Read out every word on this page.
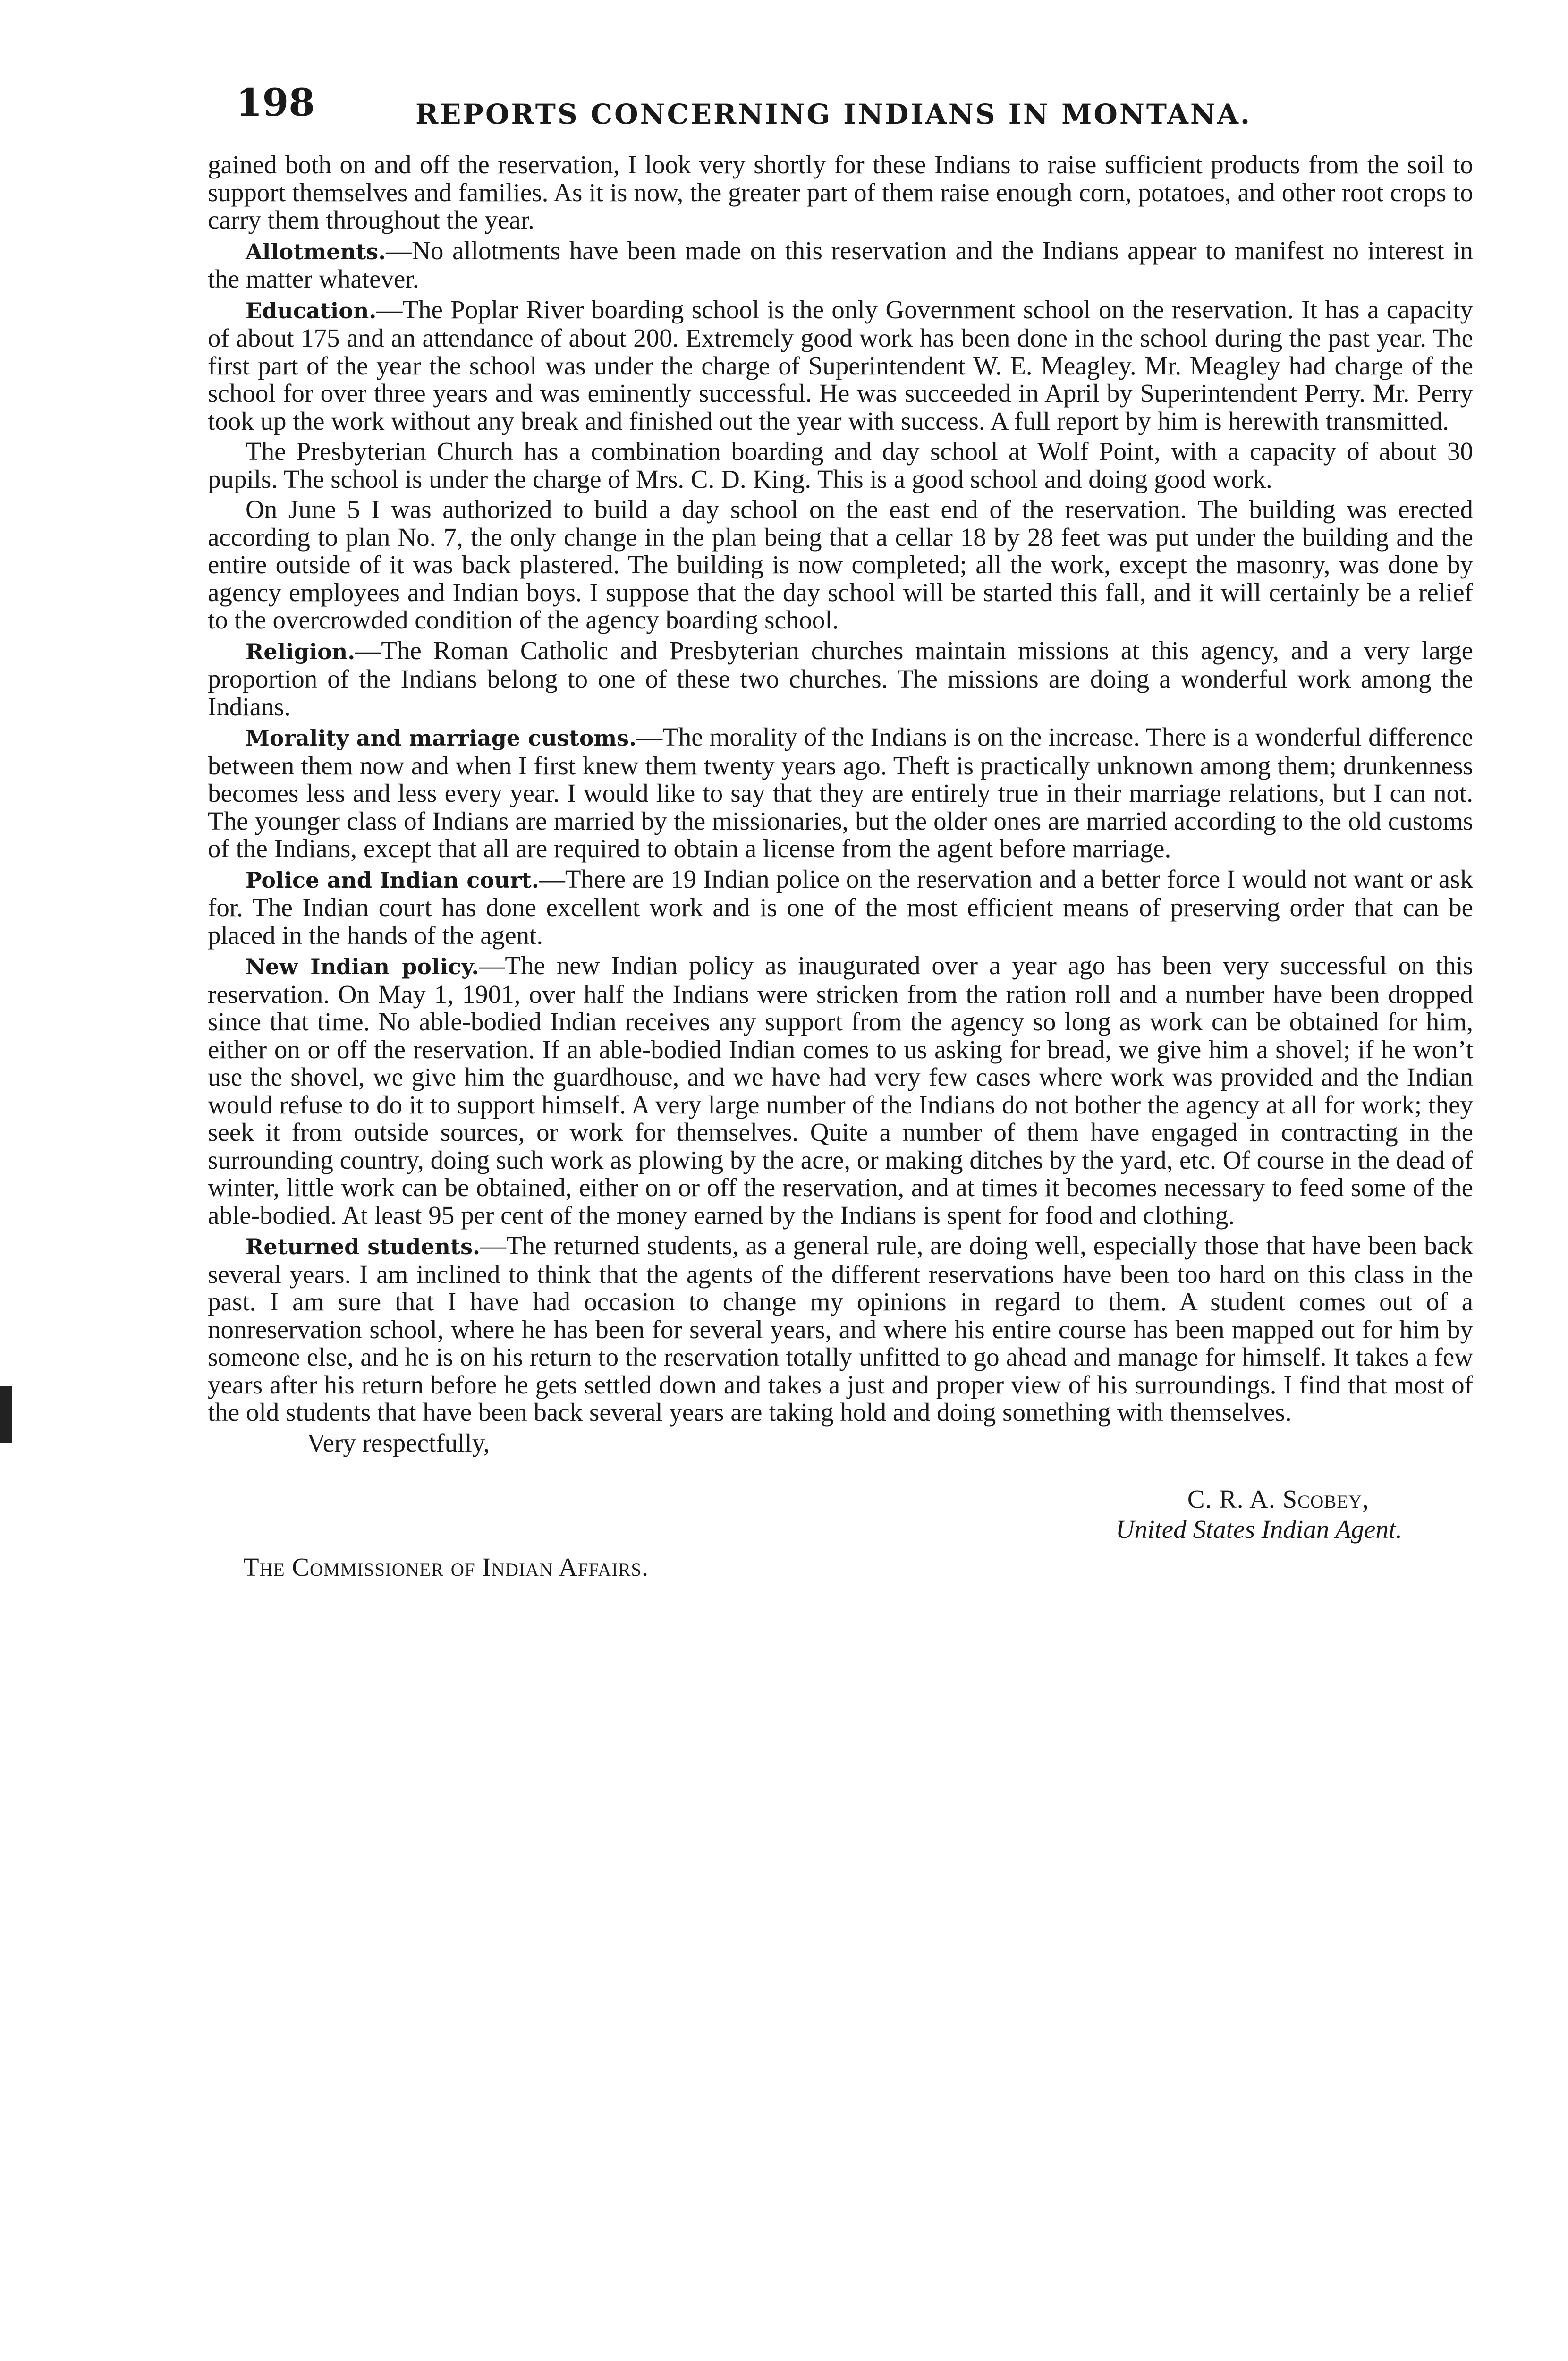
198	REPORTS CONCERNING INDIANS IN MONTANA.

gained both on and off the reservation, I look very shortly for these Indians to raise sufficient products from the soil to support themselves and families. As it is now, the greater part of them raise enough corn, potatoes, and other root crops to carry them throughout the year.

Allotments.—No allotments have been made on this reservation and the Indians appear to manifest no interest in the matter whatever.

Education.—The Poplar River boarding school is the only Government school on the reservation. It has a capacity of about 175 and an attendance of about 200. Extremely good work has been done in the school during the past year. The first part of the year the school was under the charge of Superintendent W. E. Meagley. Mr. Meagley had charge of the school for over three years and was eminently successful. He was succeeded in April by Superintendent Perry. Mr. Perry took up the work without any break and finished out the year with success. A full report by him is herewith transmitted.

The Presbyterian Church has a combination boarding and day school at Wolf Point, with a capacity of about 30 pupils. The school is under the charge of Mrs. C. D. King. This is a good school and doing good work.

On June 5 I was authorized to build a day school on the east end of the reservation. The building was erected according to plan No. 7, the only change in the plan being that a cellar 18 by 28 feet was put under the building and the entire outside of it was back plastered. The building is now completed; all the work, except the masonry, was done by agency employees and Indian boys. I suppose that the day school will be started this fall, and it will certainly be a relief to the overcrowded condition of the agency boarding school.

Religion.—The Roman Catholic and Presbyterian churches maintain missions at this agency, and a very large proportion of the Indians belong to one of these two churches. The missions are doing a wonderful work among the Indians.

Morality and marriage customs.—The morality of the Indians is on the increase. There is a wonderful difference between them now and when I first knew them twenty years ago. Theft is practically unknown among them; drunkenness becomes less and less every year. I would like to say that they are entirely true in their marriage relations, but I can not. The younger class of Indians are married by the missionaries, but the older ones are married according to the old customs of the Indians, except that all are required to obtain a license from the agent before marriage.

Police and Indian court.—There are 19 Indian police on the reservation and a better force I would not want or ask for. The Indian court has done excellent work and is one of the most efficient means of preserving order that can be placed in the hands of the agent.

New Indian policy.—The new Indian policy as inaugurated over a year ago has been very successful on this reservation. On May 1, 1901, over half the Indians were stricken from the ration roll and a number have been dropped since that time. No able-bodied Indian receives any support from the agency so long as work can be obtained for him, either on or off the reservation. If an able-bodied Indian comes to us asking for bread, we give him a shovel; if he won’t use the shovel, we give him the guardhouse, and we have had very few cases where work was provided and the Indian would refuse to do it to support himself. A very large number of the Indians do not bother the agency at all for work; they seek it from outside sources, or work for themselves. Quite a number of them have engaged in contracting in the surrounding country, doing such work as plowing by the acre, or making ditches by the yard, etc. Of course in the dead of winter, little work can be obtained, either on or off the reservation, and at times it becomes necessary to feed some of the able-bodied. At least 95 per cent of the money earned by the Indians is spent for food and clothing.

Returned students.—The returned students, as a general rule, are doing well, especially those that have been back several years. I am inclined to think that the agents of the different reservations have been too hard on this class in the past. I am sure that I have had occasion to change my opinions in regard to them. A student comes out of a nonreservation school, where he has been for several years, and where his entire course has been mapped out for him by someone else, and he is on his return to the reservation totally unfitted to go ahead and manage for himself. It takes a few years after his return before he gets settled down and takes a just and proper view of his surroundings. I find that most of the old students that have been back several years are taking hold and doing something with themselves.

Very respectfully,

C. R. A. Scobey,
United States Indian Agent.
The Commissioner of Indian Affairs.
